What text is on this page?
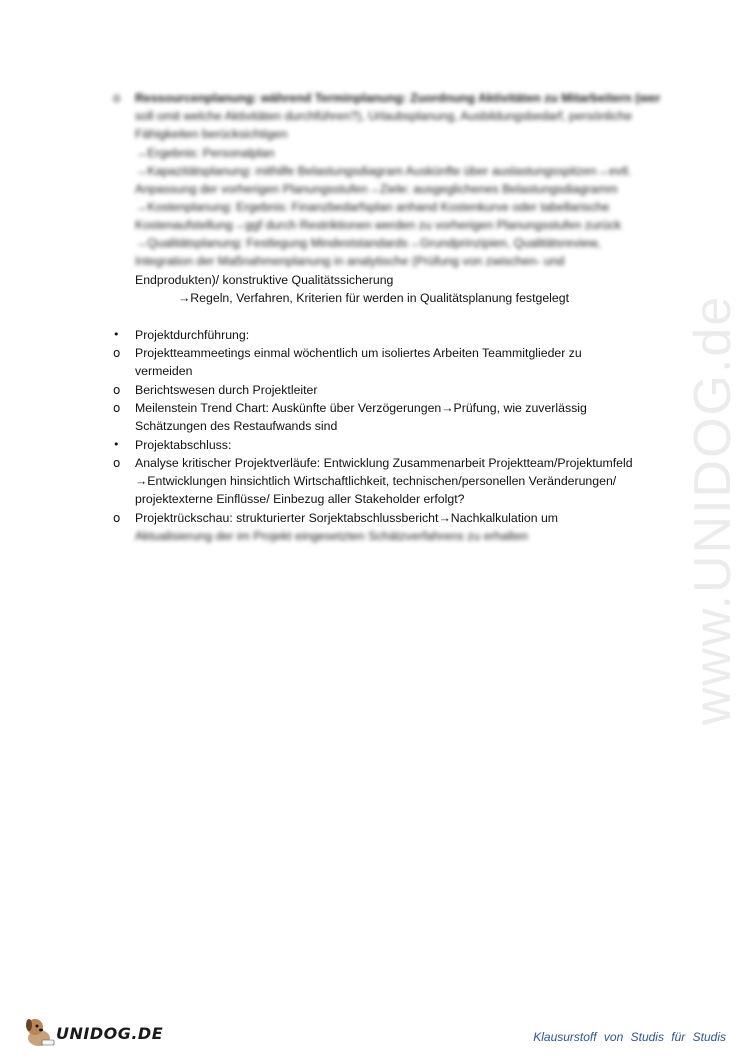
www.UNIDOG.de
o Ressourcenplanung: während Terminplanung: Zuordnung Aktivitäten zu Mitarbeitern (wer
soll omit welche Aktivitäten durchführen?), Urlaubsplanung, Ausbildungsbedarf, persönliche
Fähigkeiten berücksichtigen
→Ergebnis: Personalplan
→Kapazitätsplanung: mithilfe Belastungsdiagram Auskünfte über auslastungsspitzen→evtl.
Anpassung der vorherigen Planungsstufen→Ziele: ausgeglichenes Belastungsdiagramm
→Kostenplanung: Ergebnis: Finanzbedarfsplan anhand Kostenkurve oder tabellarische
Kostenaufstellung→ggf durch Restriktionen werden zu vorherigen Planungsstufen zurück
→Qualitätsplanung: Festlegung Mindeststandards→Grundprinzipien, Qualitätsreview,
Integration der Maßnahmenplanung in analytische (Prüfung von zwischen- und
Endprodukten)/ konstruktive Qualitätssicherung
→Regeln, Verfahren, Kriterien für werden in Qualitätsplanung festgelegt
• Projektdurchführung:
o Projektteammeetings einmal wöchentlich um isoliertes Arbeiten Teammitglieder zu
vermeiden
o Berichtswesen durch Projektleiter
o Meilenstein Trend Chart: Auskünfte über Verzögerungen→Prüfung, wie zuverlässig
Schätzungen des Restaufwands sind
• Projektabschluss:
o Analyse kritischer Projektverläufe: Entwicklung Zusammenarbeit Projektteam/Projektumfeld
→Entwicklungen hinsichtlich Wirtschaftlichkeit, technischen/personellen Veränderungen/
projektexterne Einflüsse/ Einbezug aller Stakeholder erfolgt?
o Projektrückschau: strukturierter Sorjektabschlussbericht→Nachkalkulation um
Aktualisierung der im Projekt eingesetzten Schätzverfahrens zu erhalten
UNIDOG.DE	Klausurstoff von Studis für Studis
